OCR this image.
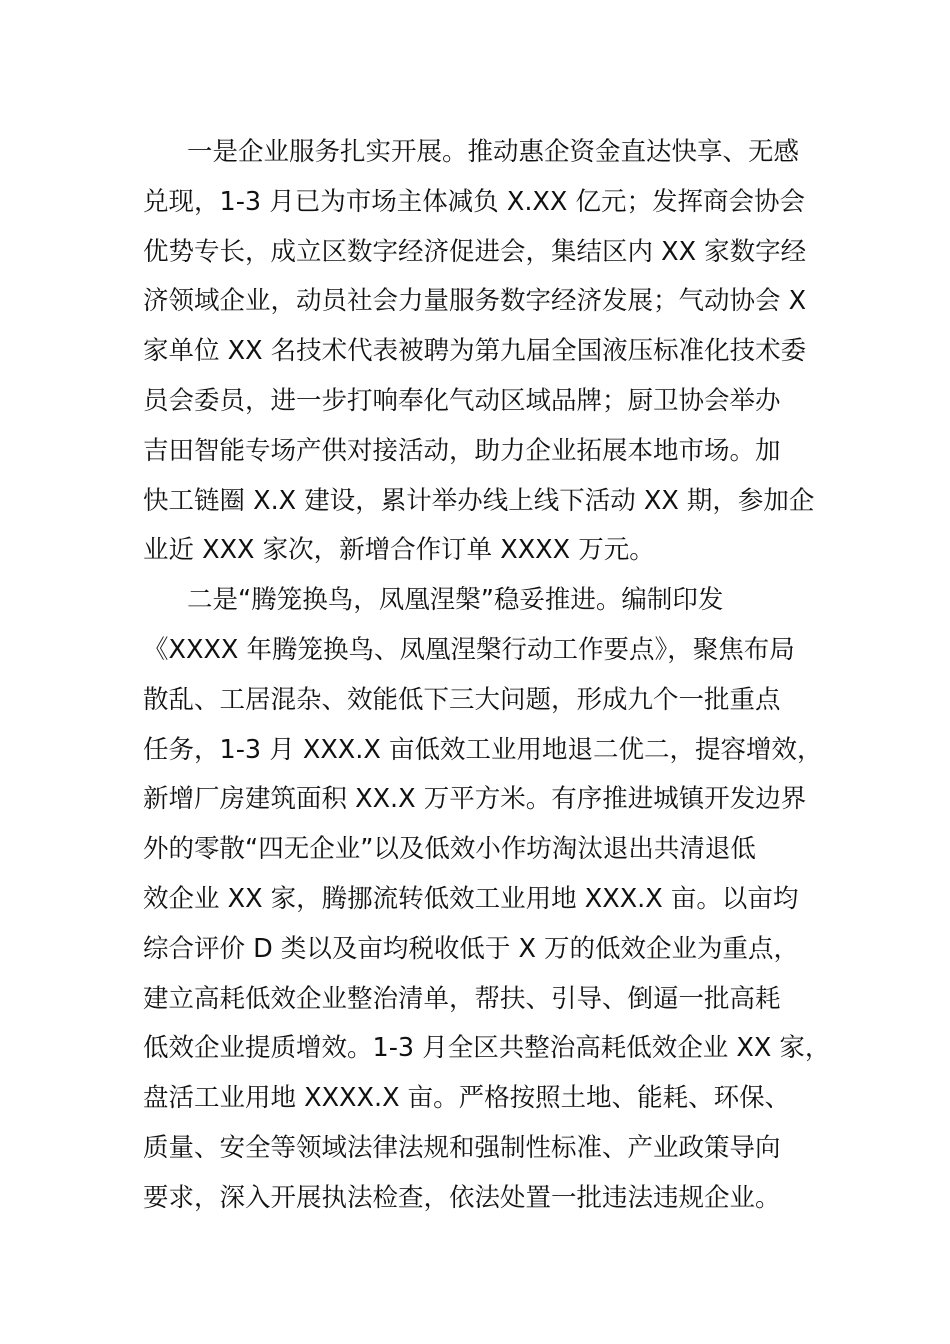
一是企业服务扎实开展。推动惠企资金直达快享、无感
兑现，1-3 月已为市场主体减负 X.XX 亿元；发挥商会协会
优势专长，成立区数字经济促进会，集结区内 XX 家数字经
济领域企业，动员社会力量服务数字经济发展；气动协会 X
家单位 XX 名技术代表被聘为第九届全国液压标准化技术委
员会委员，进一步打响奉化气动区域品牌；厨卫协会举办
吉田智能专场产供对接活动，助力企业拓展本地市场。加
快工链圈 X.X 建设，累计举办线上线下活动 XX 期，参加企
业近 XXX 家次，新增合作订单 XXXX 万元。
二是“腾笼换鸟，凤凰涅槃”稳妥推进。编制印发
《XXXX 年腾笼换鸟、凤凰涅槃行动工作要点》，聚焦布局
散乱、工居混杂、效能低下三大问题，形成九个一批重点
任务，1-3 月 XXX.X 亩低效工业用地退二优二，提容增效，
新增厂房建筑面积 XX.X 万平方米。有序推进城镇开发边界
外的零散“四无企业”以及低效小作坊淘汰退出共清退低
效企业 XX 家，腾挪流转低效工业用地 XXX.X 亩。以亩均
综合评价 D 类以及亩均税收低于 X 万的低效企业为重点，
建立高耗低效企业整治清单，帮扶、引导、倒逼一批高耗
低效企业提质增效。1-3 月全区共整治高耗低效企业 XX 家，
盘活工业用地 XXXX.X 亩。严格按照土地、能耗、环保、
质量、安全等领域法律法规和强制性标准、产业政策导向
要求，深入开展执法检查，依法处置一批违法违规企业。
